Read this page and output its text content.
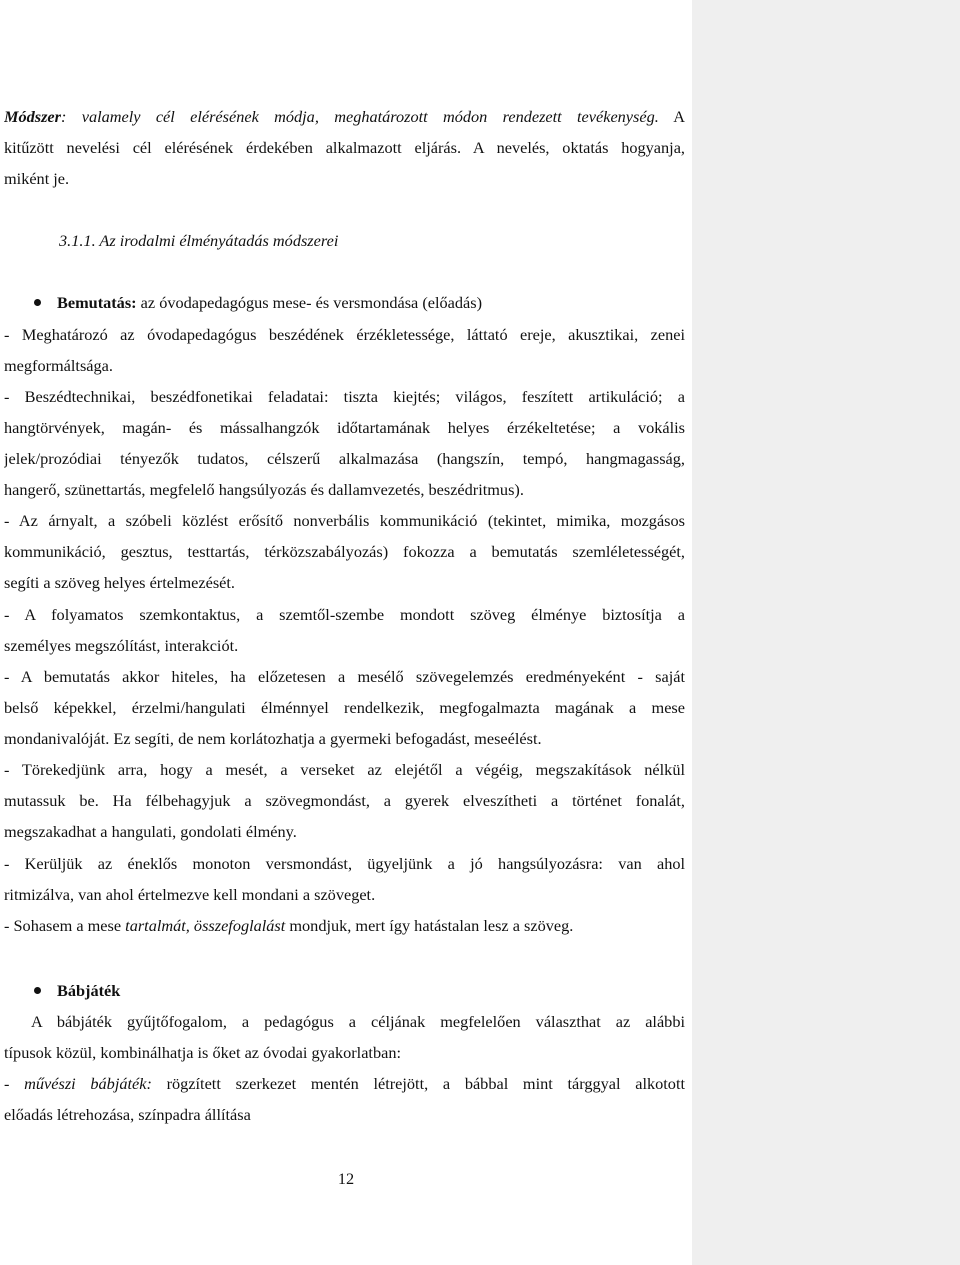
Módszer: valamely cél elérésének módja, meghatározott módon rendezett tevékenység. A
kitűzött nevelési cél elérésének érdekében alkalmazott eljárás. A nevelés, oktatás hogyanja,
miként je.
3.1.1. Az irodalmi élményátadás módszerei
Bemutatás: az óvodapedagógus mese- és versmondása (előadás)
- Meghatározó az óvodapedagógus beszédének érzékletessége, láttató ereje, akusztikai, zenei
megformáltsága.
- Beszédtechnikai, beszédfonetikai feladatai: tiszta kiejtés; világos, feszített artikuláció; a
hangtörvények, magán- és mássalhangzók időtartamának helyes érzékeltetése; a vokális
jelek/prozódiai tényezők tudatos, célszerű alkalmazása (hangszín, tempó, hangmagasság,
hangerő, szünettartás, megfelelő hangsúlyozás és dallamvezetés, beszédritmus).
- Az árnyalt, a szóbeli közlést erősítő nonverbális kommunikáció (tekintet, mimika, mozgásos
kommunikáció, gesztus, testtartás, térközszabályozás) fokozza a bemutatás szemléletességét,
segíti a szöveg helyes értelmezését.
- A folyamatos szemkontaktus, a szemtől-szembe mondott szöveg élménye biztosítja a
személyes megszólítást, interakciót.
- A bemutatás akkor hiteles, ha előzetesen a mesélő szövegelemzés eredményeként - saját
belső képekkel, érzelmi/hangulati élménnyel rendelkezik, megfogalmazta magának a mese
mondanivalóját. Ez segíti, de nem korlátozhatja a gyermeki befogadást, meseélést.
- Törekedjünk arra, hogy a mesét, a verseket az elejétől a végéig, megszakítások nélkül
mutassuk be. Ha félbehagyjuk a szövegmondást, a gyerek elveszítheti a történet fonalát,
megszakadhat a hangulati, gondolati élmény.
- Kerüljük az éneklős monoton versmondást, ügyeljünk a jó hangsúlyozásra: van ahol
ritmizálva, van ahol értelmezve kell mondani a szöveget.
- Sohasem a mese tartalmát, összefoglalást mondjuk, mert így hatástalan lesz a szöveg.
Bábjáték
A bábjáték gyűjtőfogalom, a pedagógus a céljának megfelelően választhat az alábbi
típusok közül, kombinálhatja is őket az óvodai gyakorlatban:
- művészi bábjáték: rögzített szerkezet mentén létrejött, a bábbal mint tárggyal alkotott
előadás létrehozása, színpadra állítása
12
